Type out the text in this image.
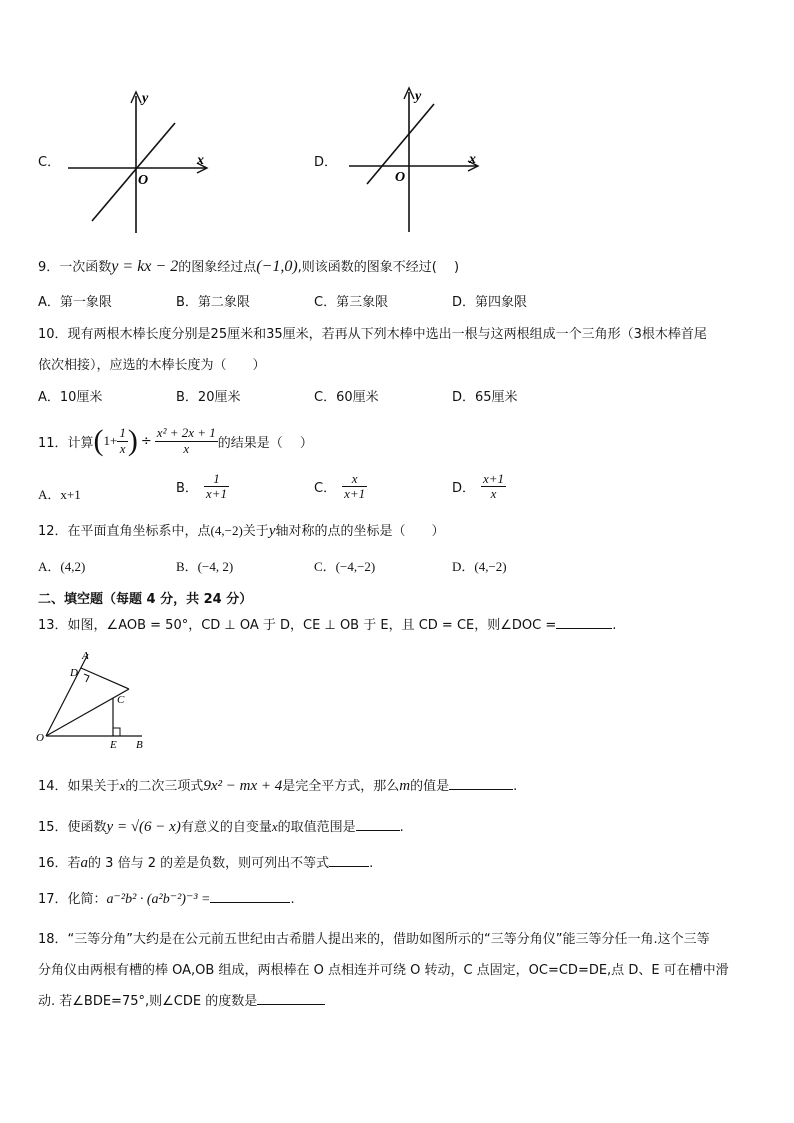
x
y
O
C．	x
y
O
D．
9．一次函数y = kx − 2的图象经过点(−1,0),则该函数的图象不经过(　 )
A．第一象限	B．第二象限	C．第三象限	D．第四象限
10．现有两根木棒长度分别是25厘米和35厘米，若再从下列木棒中选出一根与这两根组成一个三角形（3根木棒首尾
依次相接），应选的木棒长度为（　　）
A．10厘米	B．20厘米	C．60厘米	D．65厘米
11．计算 ( $1+ \frac{1}{x}$ ) ÷ $\frac{\text{x² + 2x + 1}}{x}$ 的结果是（　 ）
A．x+1	B． $\frac{1}{x+1}$	C． $\frac{x}{x+1}$	D． $\frac{x+1}{x}$
12．在平面直角坐标系中，点(4,−2)关于y轴对称的点的坐标是（　　）
A．(4,2)	B．(−4, 2)	C．(−4,−2)	D．(4,−2)
二、填空题（每题 4 分，共 24 分）
13．如图，∠AOB = 50°，CD ⊥ OA 于 D，CE ⊥ OB 于 E，且 CD = CE，则∠DOC =	.
A
D
C
O
E B
14．如果关于x的二次三项式9x² − mx + 4是完全平方式，那么m的值是	.
15．使函数y = √(6 − x)有意义的自变量x的取值范围是	.
16．若a的 3 倍与 2 的差是负数，则可列出不等式	.
17．化简：a⁻²b² · (a²b⁻²)⁻³ =	.
18．“三等分角”大约是在公元前五世纪由古希腊人提出来的，借助如图所示的“三等分角仪”能三等分任一角.这个三等
分角仪由两根有槽的棒 OA,OB 组成，两根棒在 O 点相连并可绕 O 转动，C 点固定，OC=CD=DE,点 D、E 可在槽中滑
动. 若∠BDE=75°,则∠CDE 的度数是
